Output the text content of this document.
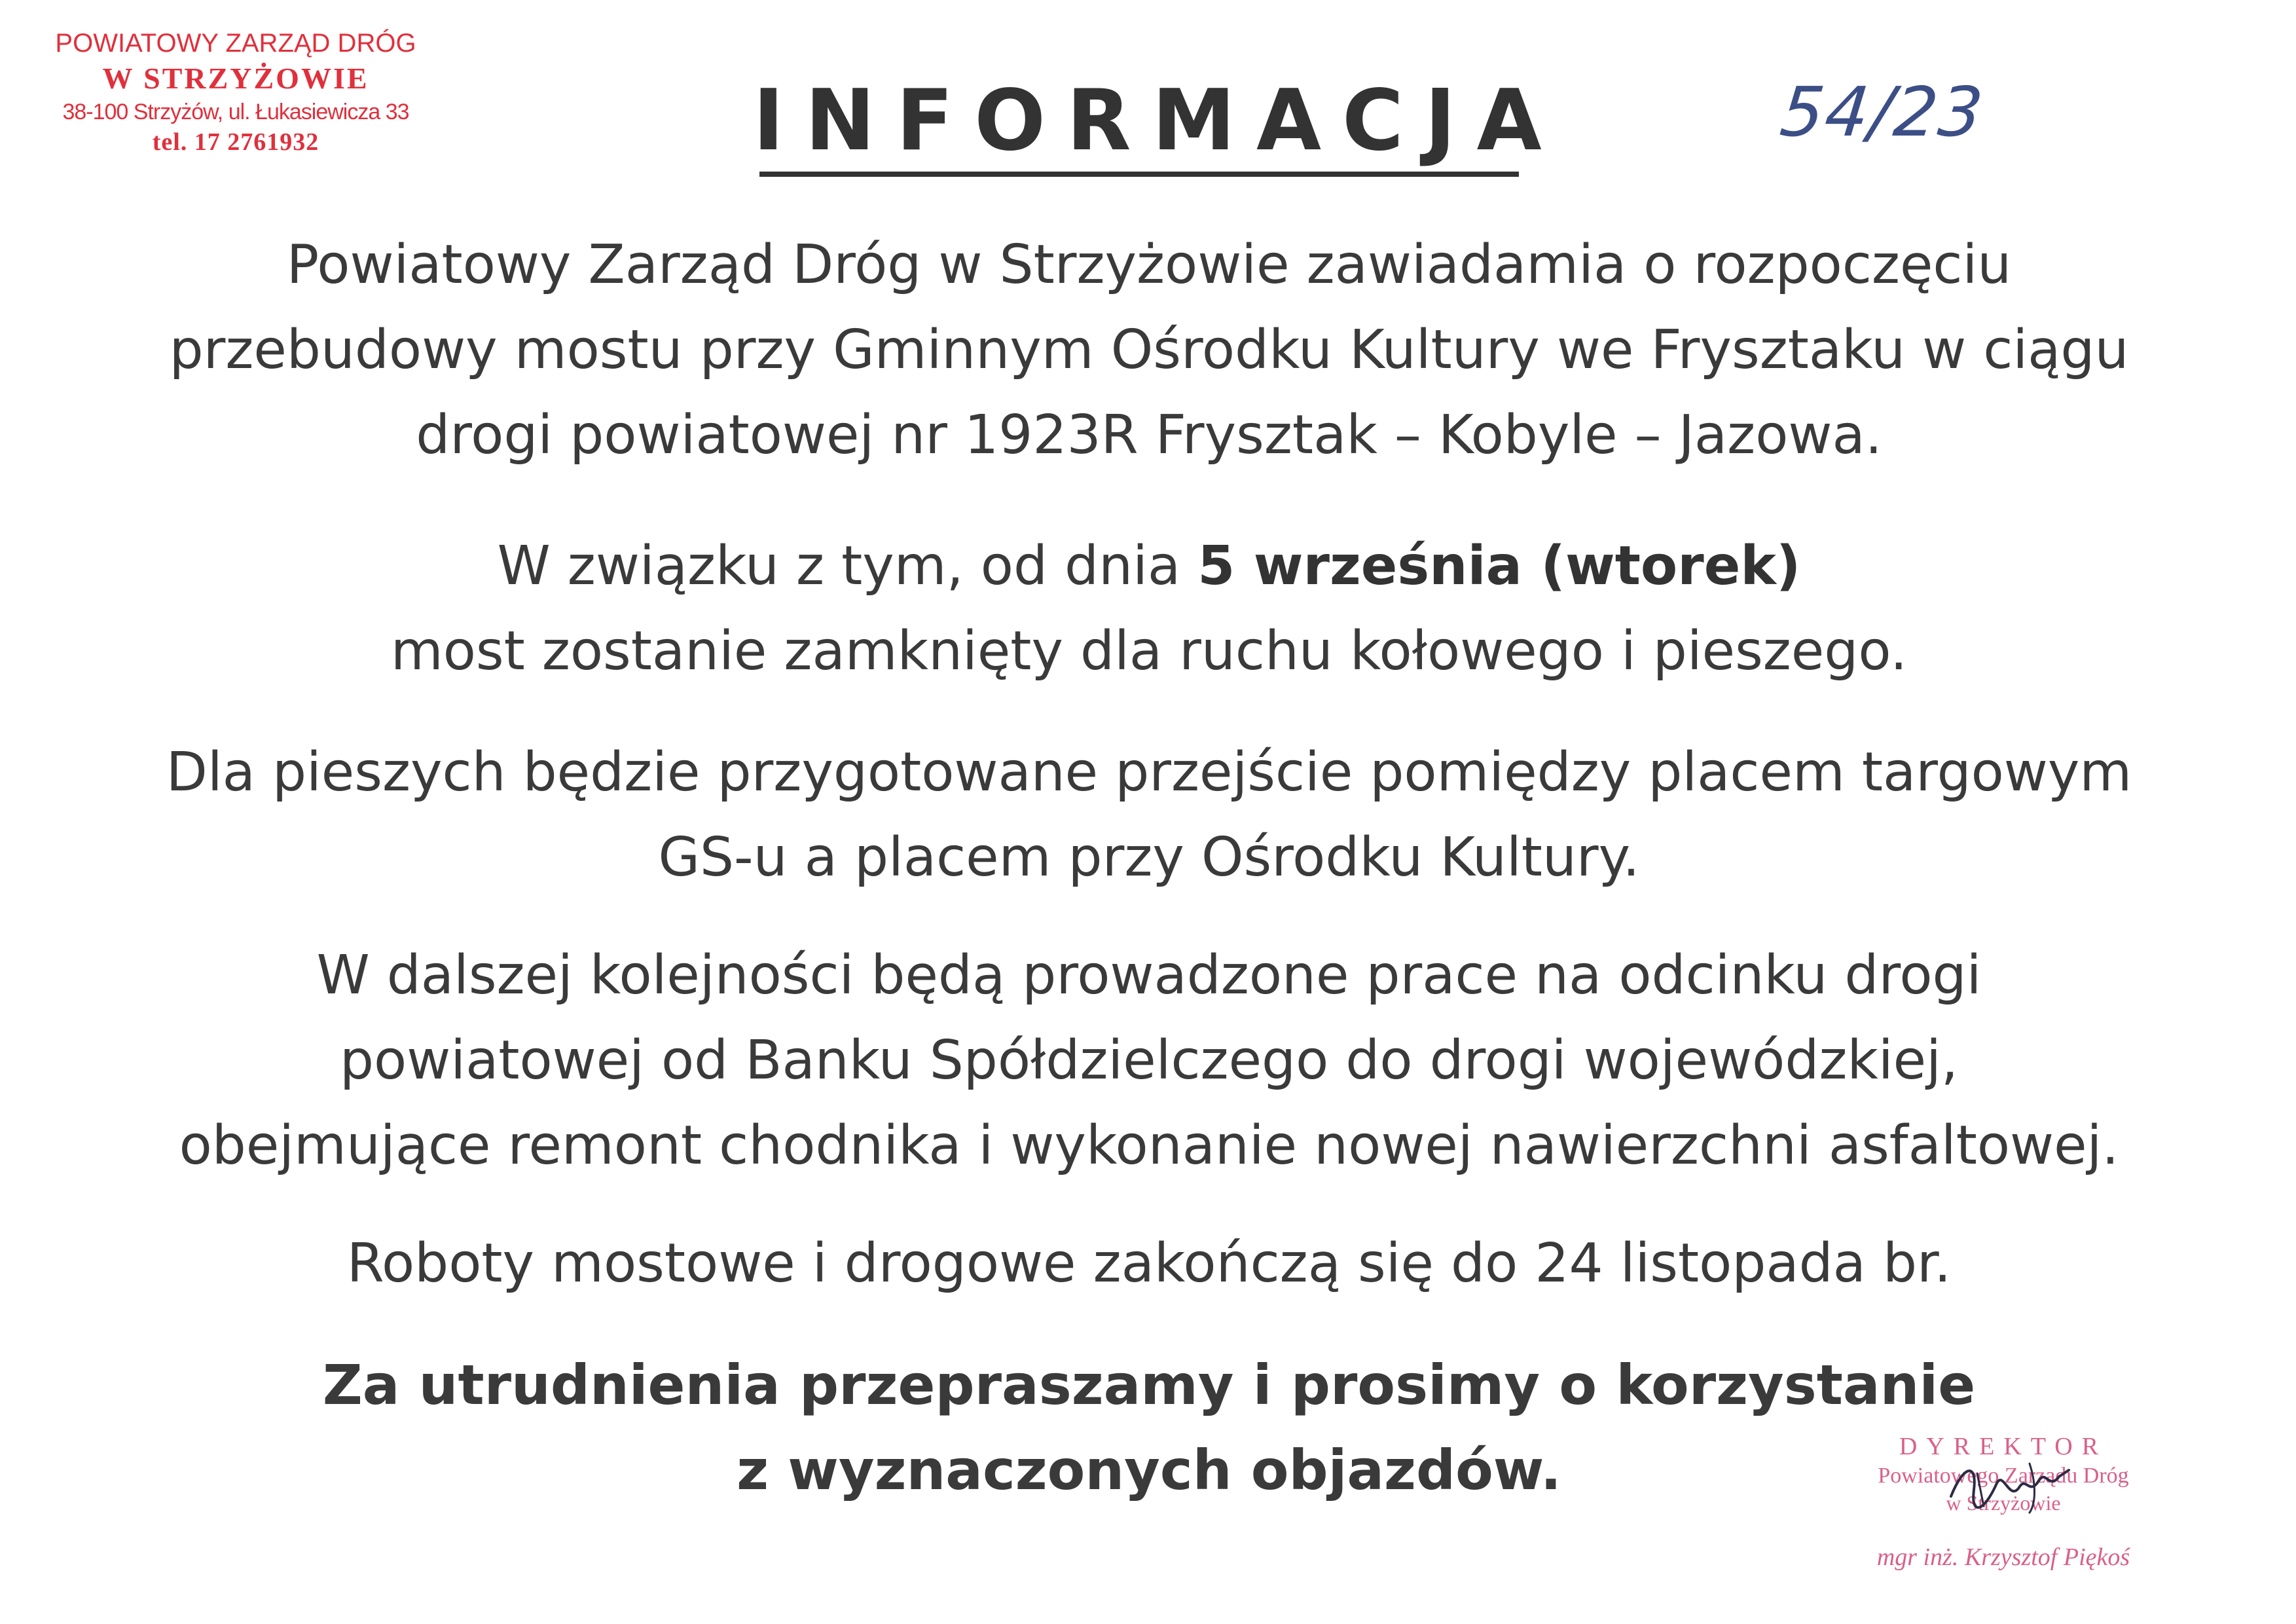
POWIATOWY ZARZĄD DRÓG
W STRZYŻOWIE
38-100 Strzyżów, ul. Łukasiewicza 33
tel. 17 2761932	INFORMACJA	54/23
Powiatowy Zarząd Dróg w Strzyżowie zawiadamia o rozpoczęciu
przebudowy mostu przy Gminnym Ośrodku Kultury we Frysztaku w ciągu
drogi powiatowej nr 1923R Frysztak – Kobyle – Jazowa.
W związku z tym, od dnia 5 września (wtorek)
most zostanie zamknięty dla ruchu kołowego i pieszego.
Dla pieszych będzie przygotowane przejście pomiędzy placem targowym
GS-u a placem przy Ośrodku Kultury.
W dalszej kolejności będą prowadzone prace na odcinku drogi
powiatowej od Banku Spółdzielczego do drogi wojewódzkiej,
obejmujące remont chodnika i wykonanie nowej nawierzchni asfaltowej.
Roboty mostowe i drogowe zakończą się do 24 listopada br.
Za utrudnienia przepraszamy i prosimy o korzystanie
z wyznaczonych objazdów.	DYREKTOR
Powiatowego Zarządu Dróg
w Strzyżowie
mgr inż. Krzysztof Piękoś
